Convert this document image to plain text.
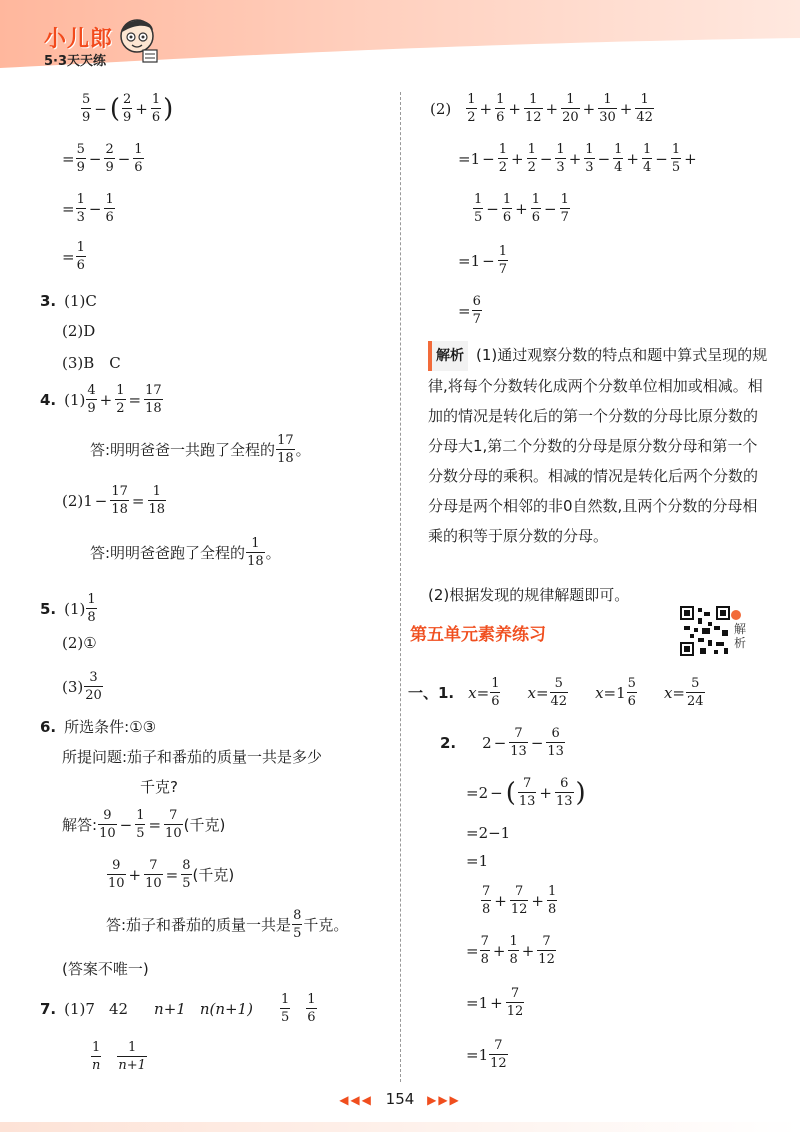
小儿郎
5·3天天练
$\frac{5}{9}$ − ( $\frac{2}{9} + \frac{1}{6}$ )
= $\frac{5}{9} - \frac{2}{9} - \frac{1}{6}$
= $\frac{1}{3} - \frac{1}{6}$
= $\frac{1}{6}$
3. (1)C
(2)D
(3)B　C
4. $(1) \frac{4}{9} + \frac{1}{2} = \frac{17}{18}$
答:明明爸爸一共跑了全程的 $\frac{17}{18}$ 。
$(2)1 - \frac{17}{18} = \frac{1}{18}$
答:明明爸爸跑了全程的 $\frac{1}{18}$ 。
5. $(1) \frac{1}{8}$
(2)①
$(3) \frac{3}{20}$
6. 所选条件:①③
所提问题:茄子和番茄的质量一共是多少
千克?
解答: $\frac{9}{10} - \frac{1}{5} = \frac{7}{10}$ (千克)
$\frac{9}{10} + \frac{7}{10} = \frac{8}{5}$ (千克)
答:茄子和番茄的质量一共是 $\frac{8}{5}$ 千克。
(答案不唯一)
7. (1)7 42 n+1 $n(n+1) \frac{1}{5} \frac{1}{6}$
$\frac{1}{n} \frac{1}{n+1}$
$(2) \frac{1}{2} + \frac{1}{6} + \frac{1}{12} + \frac{1}{20} + \frac{1}{30} + \frac{1}{42}$
$=1 - \frac{1}{2} + \frac{1}{2} - \frac{1}{3} + \frac{1}{3} - \frac{1}{4} + \frac{1}{4} - \frac{1}{5}$ +
$\frac{1}{5} - \frac{1}{6} + \frac{1}{6} - \frac{1}{7}$
$=1 - \frac{1}{7}$
= $\frac{6}{7}$
解析 (1)通过观察分数的特点和题中算式呈现的规律,将每个分数转化成两个分数单位相加或相减。相加的情况是转化后的第一个分数的分母比原分数的分母大1,第二个分数的分母是原分数分母和第一个分数分母的乘积。相减的情况是转化后两个分数的分母是两个相邻的非0自然数,且两个分数的分母相乘的积等于原分数的分母。
(2)根据发现的规律解题即可。
第五单元素养练习	解析
一、1. $x = \frac{1}{6}$ $x = \frac{5}{42}$ $x = 1 \frac{5}{6}$ $x = \frac{5}{24}$
2. $2 - \frac{7}{13} - \frac{6}{13}$
=2 − ( $\frac{7}{13} + \frac{6}{13}$ )
=2−1
=1
$\frac{7}{8} + \frac{7}{12} + \frac{1}{8}$
= $\frac{7}{8} + \frac{1}{8} + \frac{7}{12}$
$=1 + \frac{7}{12}$
$=1 \frac{7}{12}$
◀◀◀ 154 ▶▶▶
